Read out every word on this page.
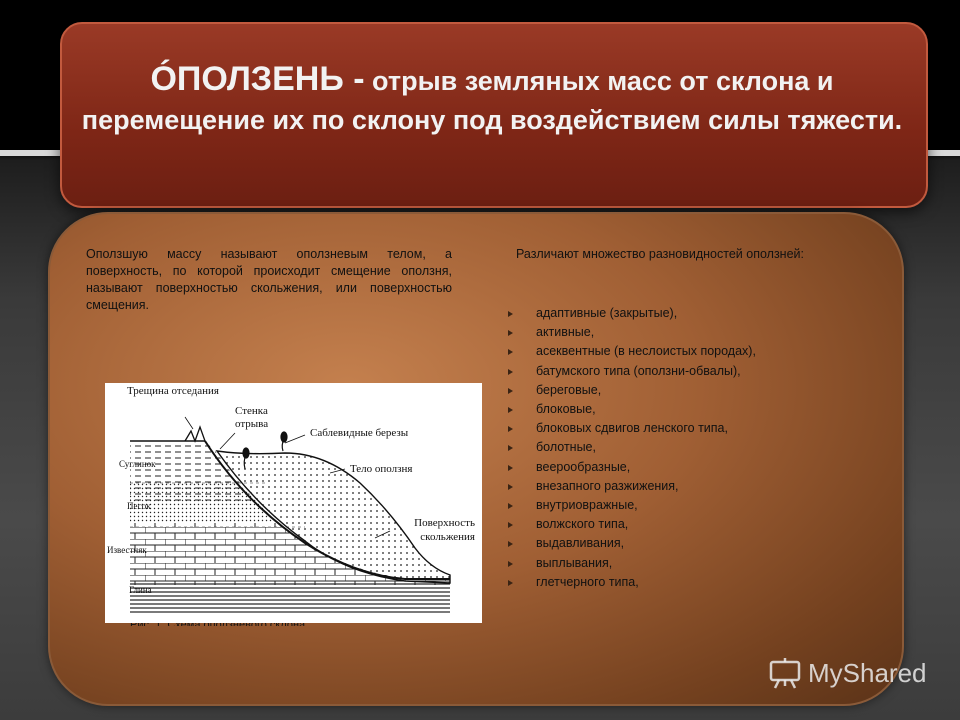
ÓПОЛЗЕНЬ - отрыв земляных масс от склона и перемещение их по склону под воздействием силы тяжести.
Оползшую массу называют оползневым телом, а поверхность, по которой происходит смещение оползня, называют поверхностью скольжения, или поверхностью смещения.
Различают множество разновидностей оползней:
адаптивные (закрытые),
активные,
асеквентные (в неслоистых породах),
батумского типа (оползни-обвалы),
береговые,
блоковые,
блоковых сдвигов ленского типа,
болотные,
веерообразные,
внезапного разжижения,
внутриовражные,
волжского типа,
выдавливания,
выплывания,
глетчерного типа,
Трещина отседания
Стенка отрыва
Саблевидные березы
Тело оползня
Поверхность скольжения
Суглинок
Песок
Известняк
Глина
MyShared
